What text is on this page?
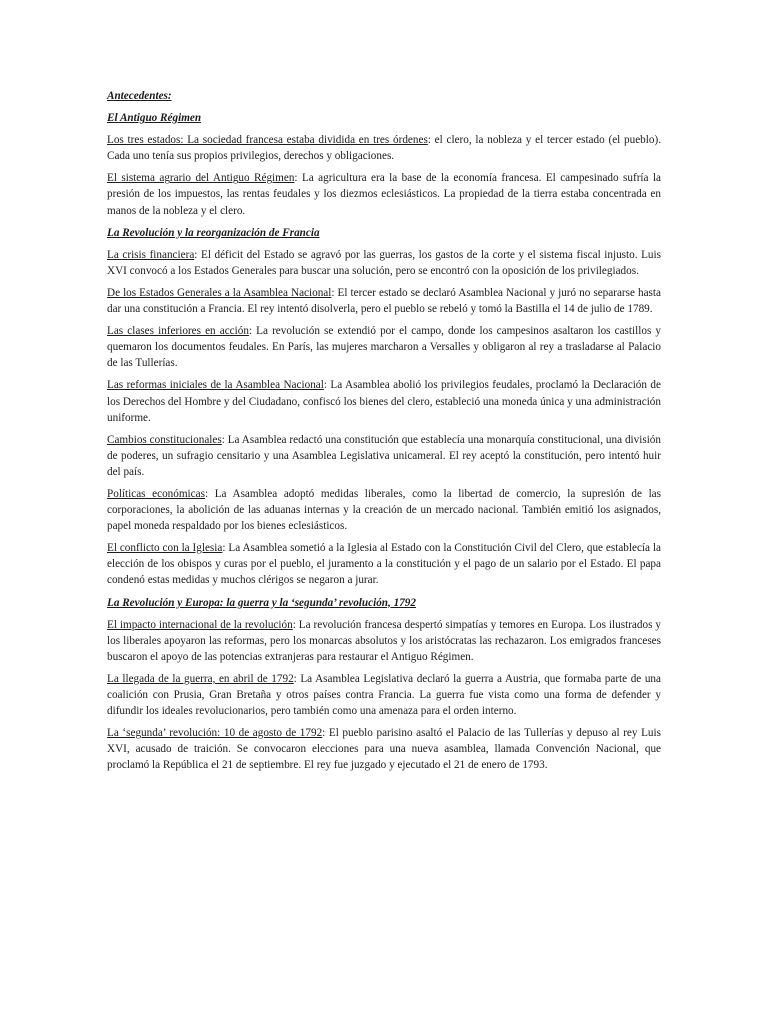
Antecedentes:
El Antiguo Régimen
Los tres estados: La sociedad francesa estaba dividida en tres órdenes: el clero, la nobleza y el tercer estado (el pueblo). Cada uno tenía sus propios privilegios, derechos y obligaciones.
El sistema agrario del Antiguo Régimen: La agricultura era la base de la economía francesa. El campesinado sufría la presión de los impuestos, las rentas feudales y los diezmos eclesiásticos. La propiedad de la tierra estaba concentrada en manos de la nobleza y el clero.
La Revolución y la reorganización de Francia
La crisis financiera: El déficit del Estado se agravó por las guerras, los gastos de la corte y el sistema fiscal injusto. Luis XVI convocó a los Estados Generales para buscar una solución, pero se encontró con la oposición de los privilegiados.
De los Estados Generales a la Asamblea Nacional: El tercer estado se declaró Asamblea Nacional y juró no separarse hasta dar una constitución a Francia. El rey intentó disolverla, pero el pueblo se rebeló y tomó la Bastilla el 14 de julio de 1789.
Las clases inferiores en acción: La revolución se extendió por el campo, donde los campesinos asaltaron los castillos y quemaron los documentos feudales. En París, las mujeres marcharon a Versalles y obligaron al rey a trasladarse al Palacio de las Tullerías.
Las reformas iniciales de la Asamblea Nacional: La Asamblea abolió los privilegios feudales, proclamó la Declaración de los Derechos del Hombre y del Ciudadano, confiscó los bienes del clero, estableció una moneda única y una administración uniforme.
Cambios constitucionales: La Asamblea redactó una constitución que establecía una monarquía constitucional, una división de poderes, un sufragio censitario y una Asamblea Legislativa unicameral. El rey aceptó la constitución, pero intentó huir del país.
Políticas económicas: La Asamblea adoptó medidas liberales, como la libertad de comercio, la supresión de las corporaciones, la abolición de las aduanas internas y la creación de un mercado nacional. También emitió los asignados, papel moneda respaldado por los bienes eclesiásticos.
El conflicto con la Iglesia: La Asamblea sometió a la Iglesia al Estado con la Constitución Civil del Clero, que establecía la elección de los obispos y curas por el pueblo, el juramento a la constitución y el pago de un salario por el Estado. El papa condenó estas medidas y muchos clérigos se negaron a jurar.
La Revolución y Europa: la guerra y la ‘segunda’ revolución, 1792
El impacto internacional de la revolución: La revolución francesa despertó simpatías y temores en Europa. Los ilustrados y los liberales apoyaron las reformas, pero los monarcas absolutos y los aristócratas las rechazaron. Los emigrados franceses buscaron el apoyo de las potencias extranjeras para restaurar el Antiguo Régimen.
La llegada de la guerra, en abril de 1792: La Asamblea Legislativa declaró la guerra a Austria, que formaba parte de una coalición con Prusia, Gran Bretaña y otros países contra Francia. La guerra fue vista como una forma de defender y difundir los ideales revolucionarios, pero también como una amenaza para el orden interno.
La ‘segunda’ revolución: 10 de agosto de 1792: El pueblo parisino asaltó el Palacio de las Tullerías y depuso al rey Luis XVI, acusado de traición. Se convocaron elecciones para una nueva asamblea, llamada Convención Nacional, que proclamó la República el 21 de septiembre. El rey fue juzgado y ejecutado el 21 de enero de 1793.
